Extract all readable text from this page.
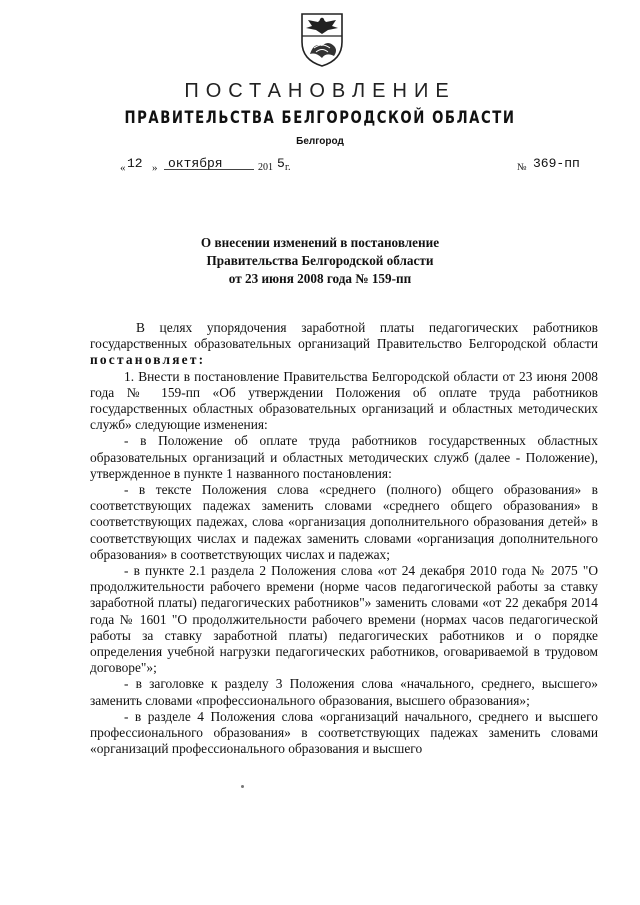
ПОСТАНОВЛЕНИЕ
ПРАВИТЕЛЬСТВА БЕЛГОРОДСКОЙ ОБЛАСТИ
Белгород
« 12 » октября	201 5 г.	№ 369-пп
О внесении изменений в постановление
Правительства Белгородской области
от 23 июня 2008 года № 159-пп

В целях упорядочения заработной платы педагогических работников государственных образовательных организаций Правительство Белгородской области постановляет:

1. Внести в постановление Правительства Белгородской области от 23 июня 2008 года № 159-пп «Об утверждении Положения об оплате труда работников государственных областных образовательных организаций и областных методических служб» следующие изменения:

- в Положение об оплате труда работников государственных областных образовательных организаций и областных методических служб (далее - Положение), утвержденное в пункте 1 названного постановления:

- в тексте Положения слова «среднего (полного) общего образования» в соответствующих падежах заменить словами «среднего общего образования» в соответствующих падежах, слова «организация дополнительного образования детей» в соответствующих числах и падежах заменить словами «организация дополнительного образования» в соответствующих числах и падежах;

- в пункте 2.1 раздела 2 Положения слова «от 24 декабря 2010 года № 2075 "О продолжительности рабочего времени (норме часов педагогической работы за ставку заработной платы) педагогических работников"» заменить словами «от 22 декабря 2014 года № 1601 "О продолжительности рабочего времени (нормах часов педагогической работы за ставку заработной платы) педагогических работников и о порядке определения учебной нагрузки педагогических работников, оговариваемой в трудовом договоре"»;

- в заголовке к разделу 3 Положения слова «начального, среднего, высшего» заменить словами «профессионального образования, высшего образования»;

- в разделе 4 Положения слова «организаций начального, среднего и высшего профессионального образования» в соответствующих падежах заменить словами «организаций профессионального образования и высшего
